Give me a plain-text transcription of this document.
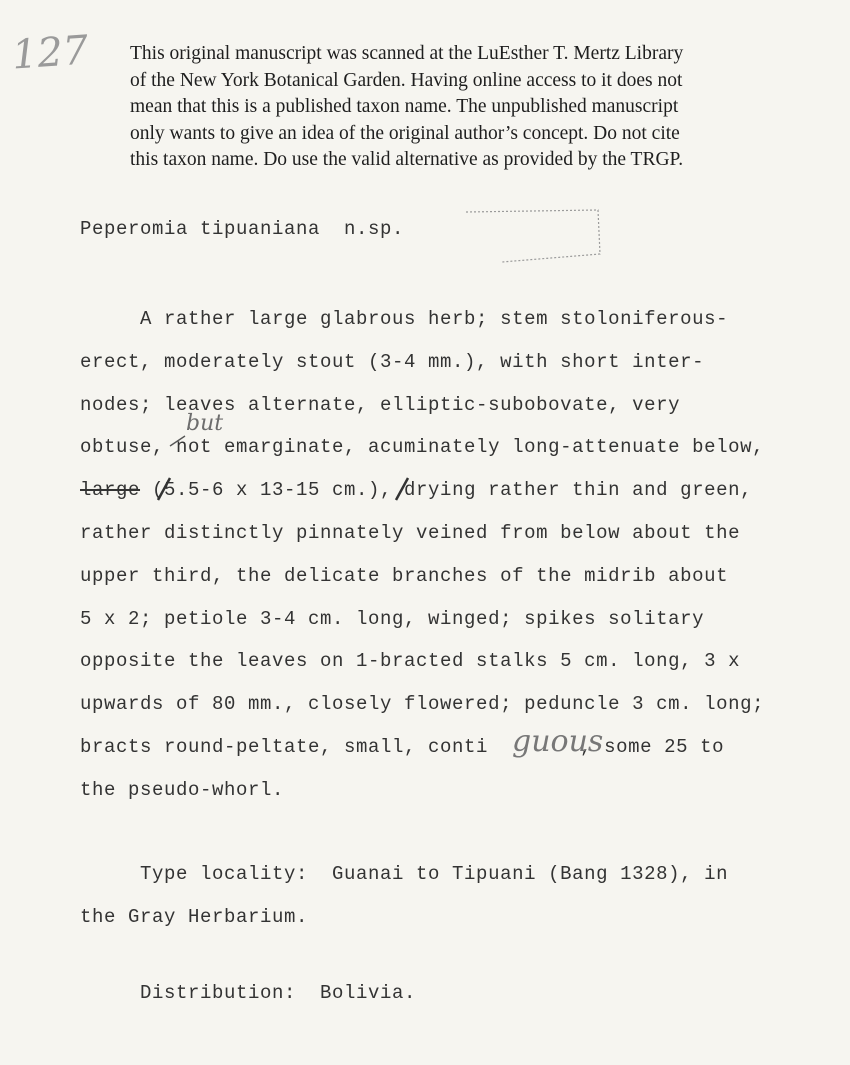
127 This original manuscript was scanned at the LuEsther T. Mertz Library
of the New York Botanical Garden. Having online access to it does not
mean that this is a published taxon name. The unpublished manuscript
only wants to give an idea of the original author’s concept. Do not cite
this taxon name. Do use the valid alternative as provided by the TRGP.
Peperomia tipuaniana  n.sp.
but
A rather large glabrous herb; stem stoloniferous-
erect, moderately stout (3-4 mm.), with short inter-
nodes; leaves alternate, elliptic-subobovate, very
obtuse, not emarginate, acuminately long-attenuate below,
large (5.5-6 x 13-15 cm.), drying rather thin and green,
rather distinctly pinnately veined from below about the
upper third, the delicate branches of the midrib about
5 x 2; petiole 3-4 cm. long, winged; spikes solitary
opposite the leaves on 1-bracted stalks 5 cm. long, 3 x
upwards of 80 mm., closely flowered; peduncle 3 cm. long;
bracts round-peltate, small, conti	, some 25 to
the pseudo-whorl.
guous
Type locality:  Guanai to Tipuani (Bang 1328), in
the Gray Herbarium.
Distribution:  Bolivia.
